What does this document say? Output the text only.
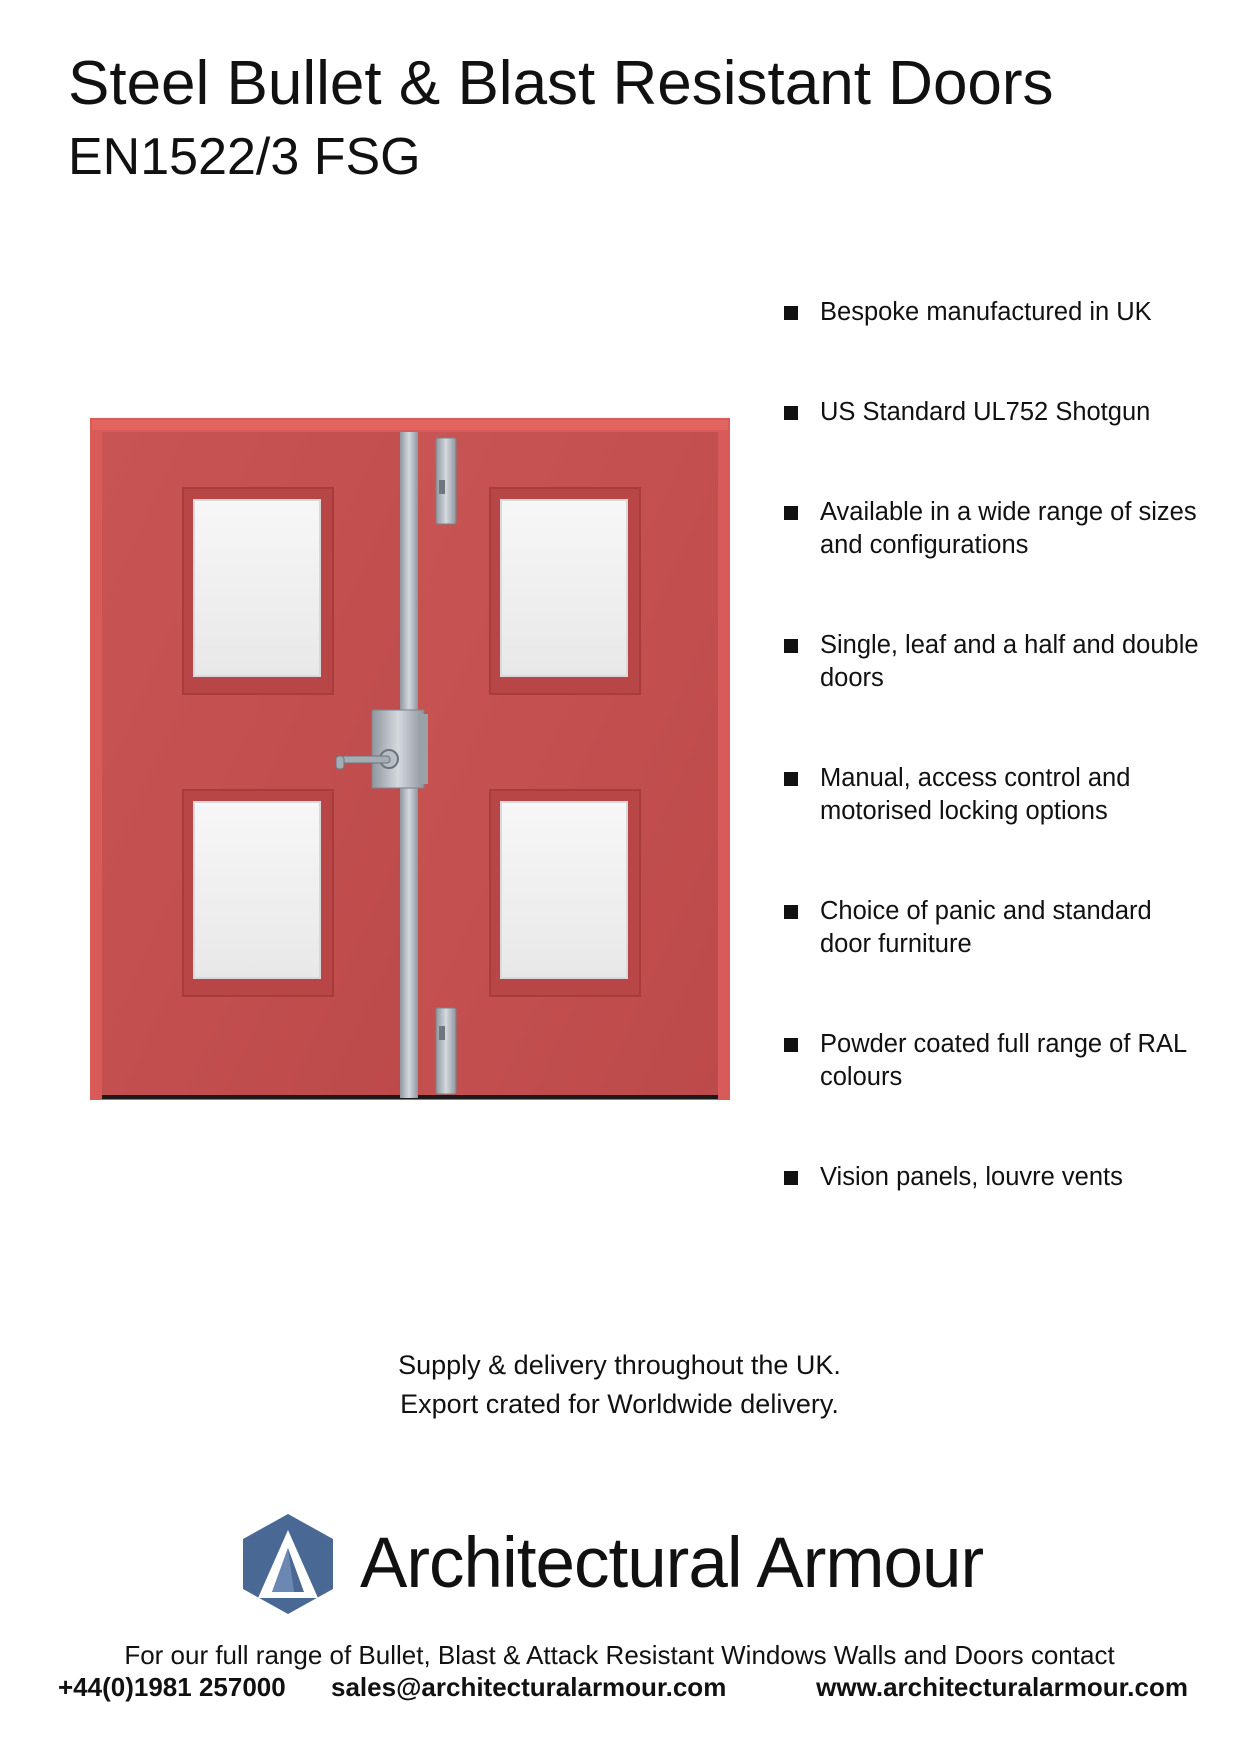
Steel Bullet & Blast Resistant Doors
EN1522/3 FSG
Bespoke manufactured in UK
US Standard UL752 Shotgun
Available in a wide range of sizes and configurations
Single, leaf and a half and double doors
Manual, access control and motorised locking options
Choice of panic and standard door furniture
Powder coated full range of RAL colours
Vision panels, louvre vents
Supply & delivery throughout the UK.
Export crated for Worldwide delivery.
Architectural Armour
For our full range of Bullet, Blast & Attack Resistant Windows Walls and Doors contact
+44(0)1981 257000 sales@architecturalarmour.com	www.architecturalarmour.com
